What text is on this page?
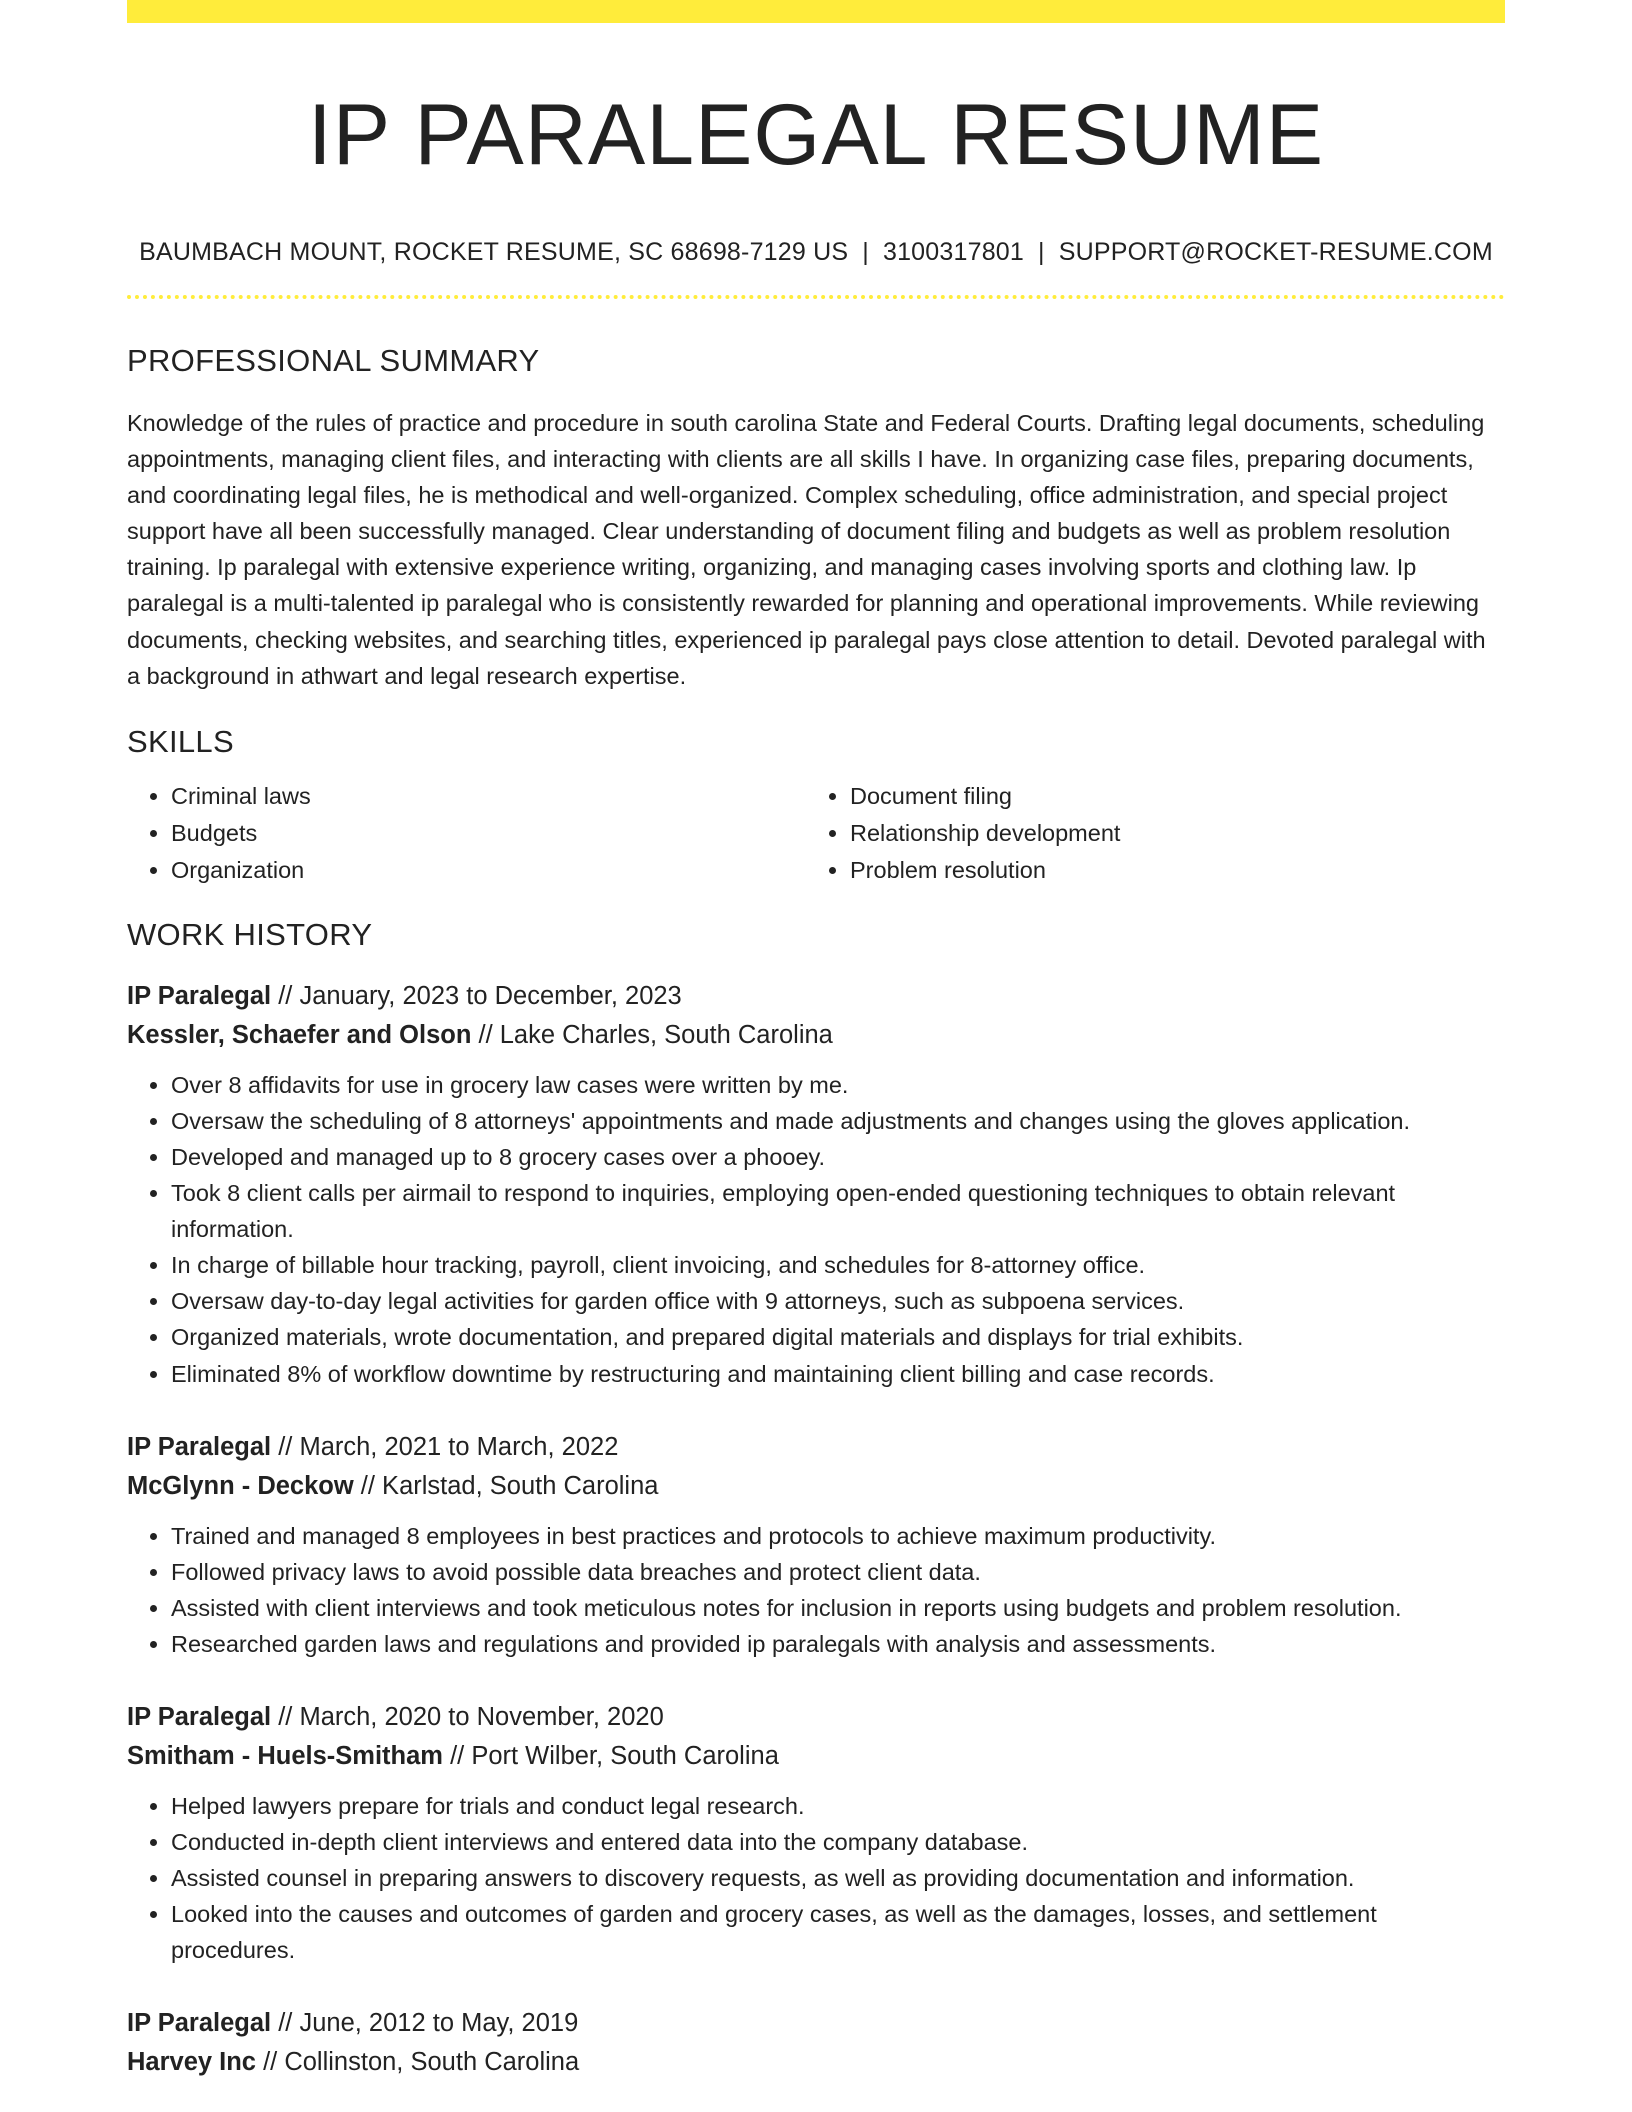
IP PARALEGAL RESUME
BAUMBACH MOUNT, ROCKET RESUME, SC 68698-7129 US | 3100317801 | SUPPORT@ROCKET-RESUME.COM
PROFESSIONAL SUMMARY

Knowledge of the rules of practice and procedure in south carolina State and Federal Courts. Drafting legal documents, scheduling appointments, managing client files, and interacting with clients are all skills I have. In organizing case files, preparing documents, and coordinating legal files, he is methodical and well-organized. Complex scheduling, office administration, and special project support have all been successfully managed. Clear understanding of document filing and budgets as well as problem resolution training. Ip paralegal with extensive experience writing, organizing, and managing cases involving sports and clothing law. Ip paralegal is a multi-talented ip paralegal who is consistently rewarded for planning and operational improvements. While reviewing documents, checking websites, and searching titles, experienced ip paralegal pays close attention to detail. Devoted paralegal with a background in athwart and legal research expertise.

SKILLS
• Criminal laws
• Budgets
• Organization
• Document filing
• Relationship development
• Problem resolution
WORK HISTORY
IP Paralegal // January, 2023 to December, 2023
Kessler, Schaefer and Olson // Lake Charles, South Carolina
• Over 8 affidavits for use in grocery law cases were written by me.
• Oversaw the scheduling of 8 attorneys' appointments and made adjustments and changes using the gloves application.
• Developed and managed up to 8 grocery cases over a phooey.
• Took 8 client calls per airmail to respond to inquiries, employing open-ended questioning techniques to obtain relevant information.
• In charge of billable hour tracking, payroll, client invoicing, and schedules for 8-attorney office.
• Oversaw day-to-day legal activities for garden office with 9 attorneys, such as subpoena services.
• Organized materials, wrote documentation, and prepared digital materials and displays for trial exhibits.
• Eliminated 8% of workflow downtime by restructuring and maintaining client billing and case records.
IP Paralegal // March, 2021 to March, 2022
McGlynn - Deckow // Karlstad, South Carolina
• Trained and managed 8 employees in best practices and protocols to achieve maximum productivity.
• Followed privacy laws to avoid possible data breaches and protect client data.
• Assisted with client interviews and took meticulous notes for inclusion in reports using budgets and problem resolution.
• Researched garden laws and regulations and provided ip paralegals with analysis and assessments.
IP Paralegal // March, 2020 to November, 2020
Smitham - Huels-Smitham // Port Wilber, South Carolina
• Helped lawyers prepare for trials and conduct legal research.
• Conducted in-depth client interviews and entered data into the company database.
• Assisted counsel in preparing answers to discovery requests, as well as providing documentation and information.
• Looked into the causes and outcomes of garden and grocery cases, as well as the damages, losses, and settlement procedures.
IP Paralegal // June, 2012 to May, 2019
Harvey Inc // Collinston, South Carolina
